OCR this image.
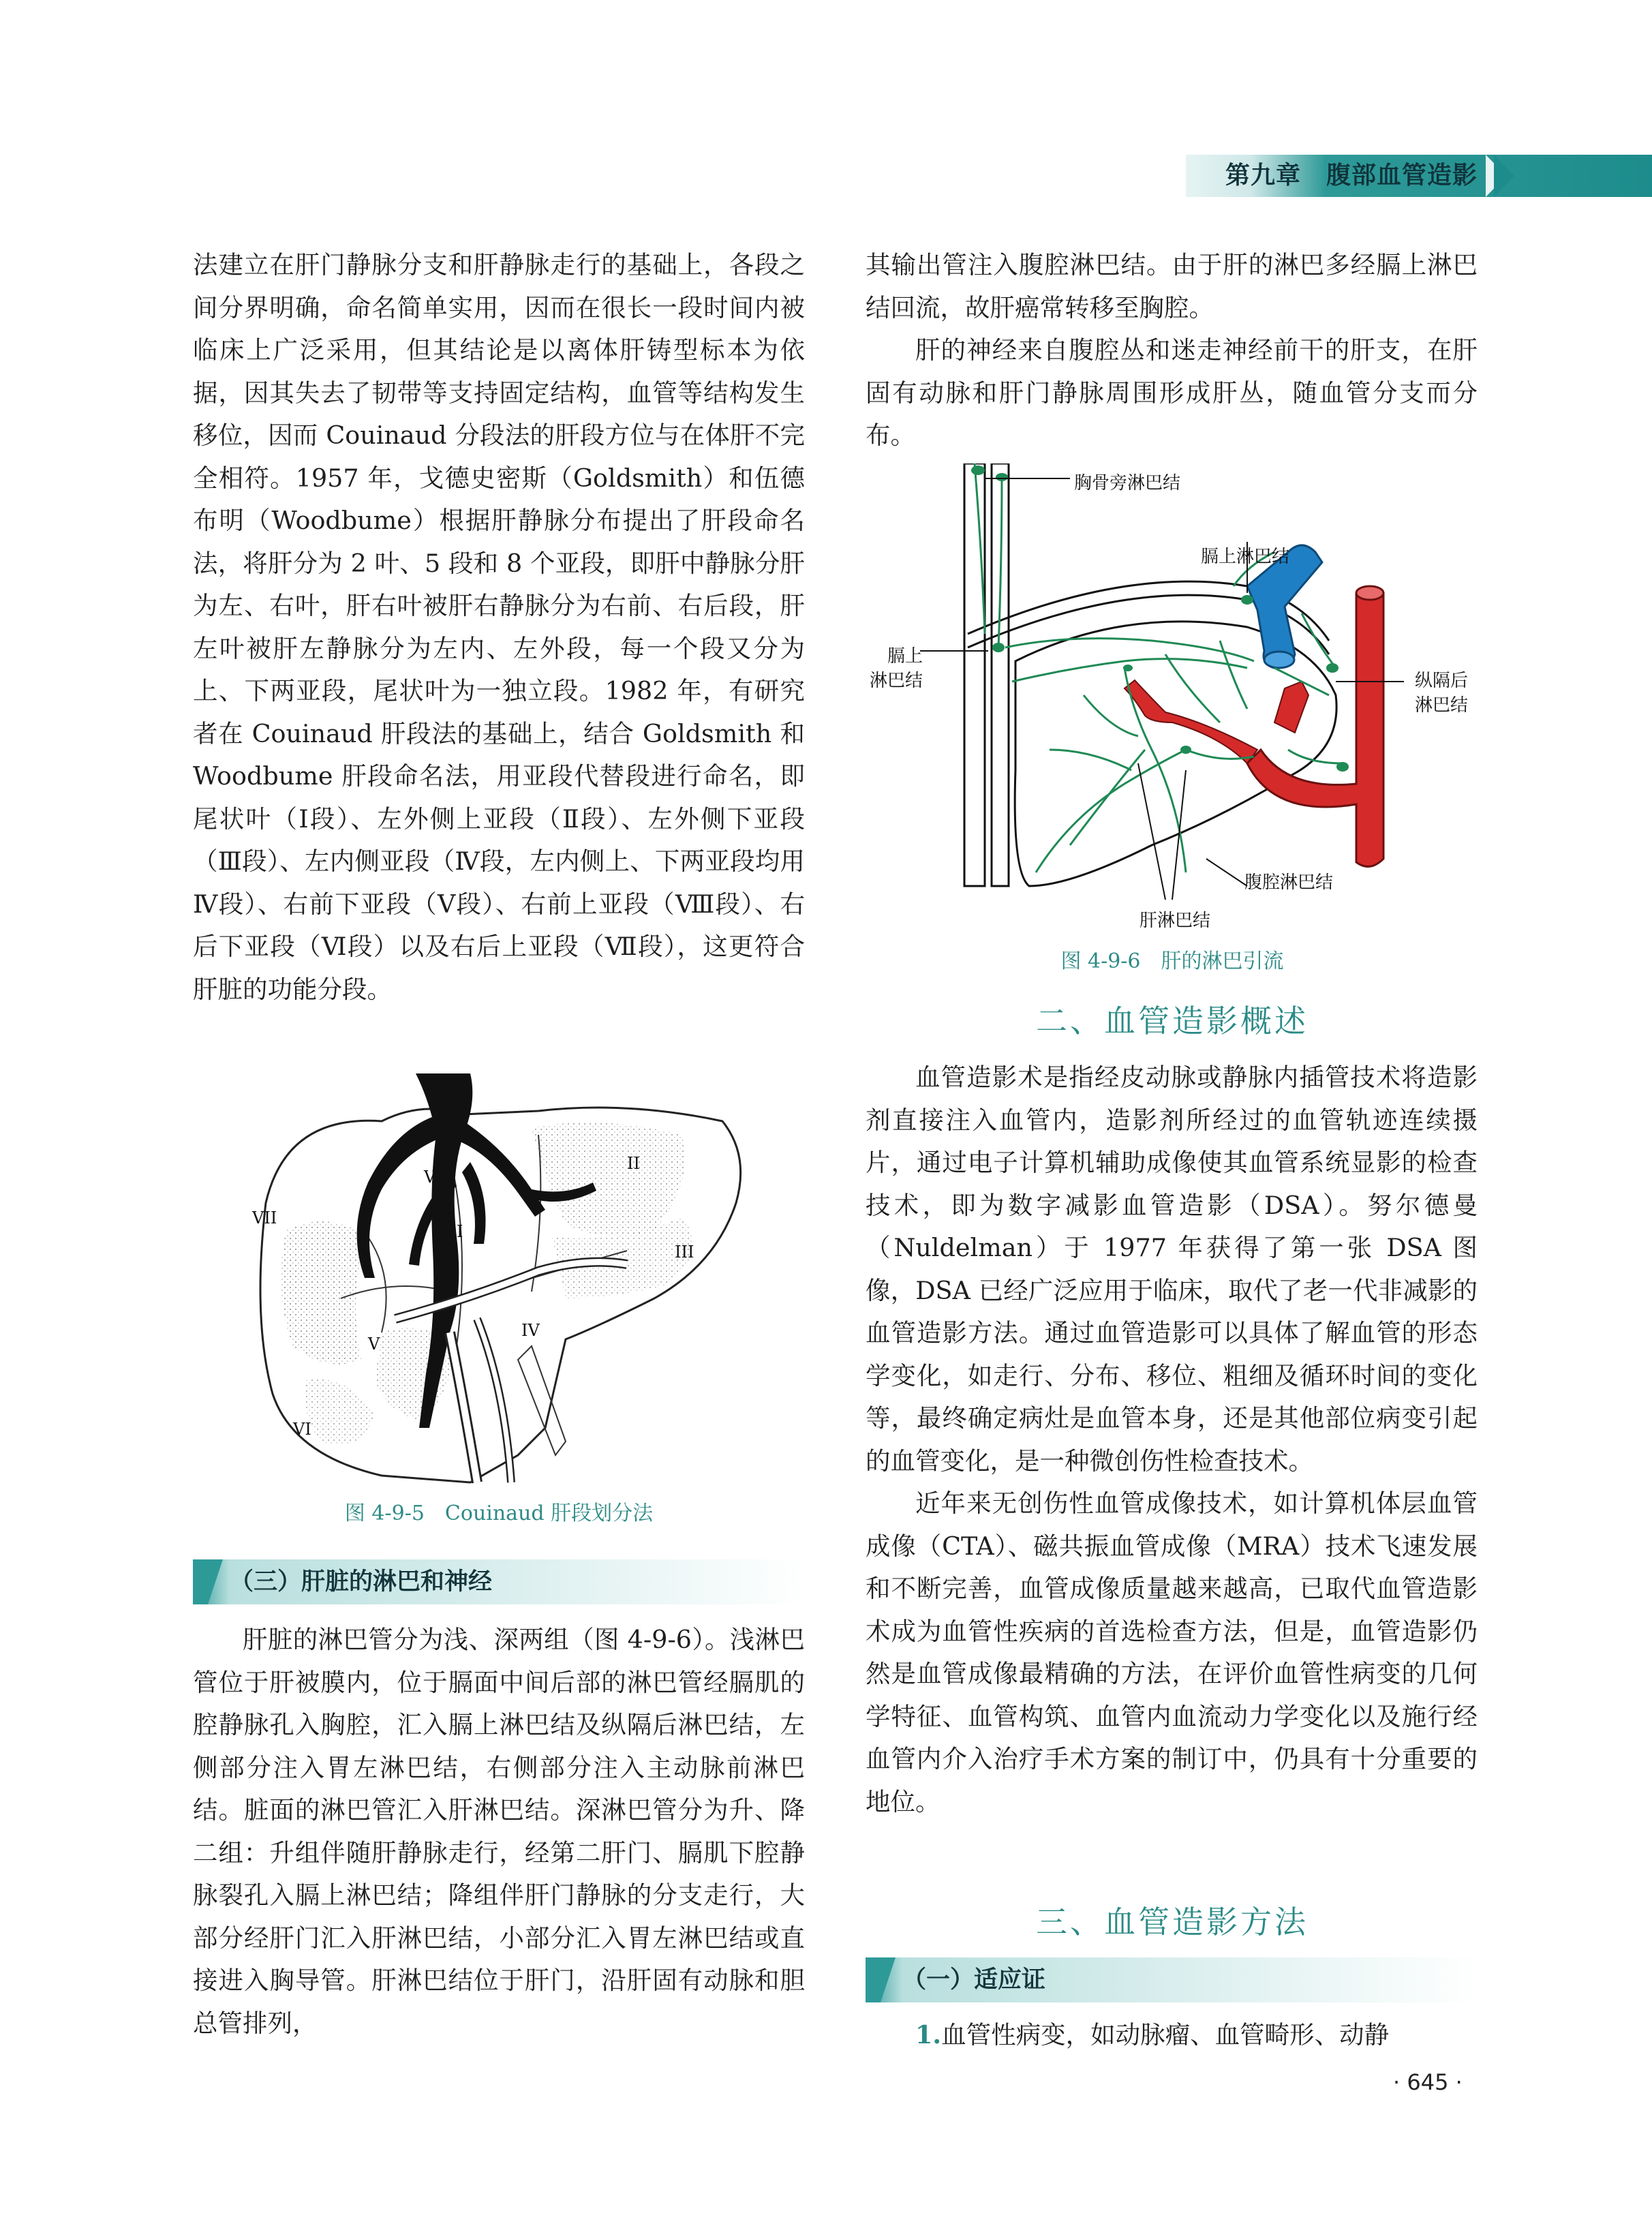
第九章　腹部血管造影

法建立在肝门静脉分支和肝静脉走行的基础上，各段之间分界明确，命名简单实用，因而在很长一段时间内被临床上广泛采用，但其结论是以离体肝铸型标本为依据，因其失去了韧带等支持固定结构，血管等结构发生移位，因而 Couinaud 分段法的肝段方位与在体肝不完全相符。1957 年，戈德史密斯（Goldsmith）和伍德布明（Woodbume）根据肝静脉分布提出了肝段命名法，将肝分为 2 叶、5 段和 8 个亚段，即肝中静脉分肝为左、右叶，肝右叶被肝右静脉分为右前、右后段，肝左叶被肝左静脉分为左内、左外段，每一个段又分为上、下两亚段，尾状叶为一独立段。1982 年，有研究者在 Couinaud 肝段法的基础上，结合 Goldsmith 和 Woodbume 肝段命名法，用亚段代替段进行命名，即尾状叶（Ⅰ段）、左外侧上亚段（Ⅱ段）、左外侧下亚段（Ⅲ段）、左内侧亚段（Ⅳ段，左内侧上、下两亚段均用Ⅳ段）、右前下亚段（Ⅴ段）、右前上亚段（Ⅷ段）、右后下亚段（Ⅵ段）以及右后上亚段（Ⅶ段），这更符合肝脏的功能分段。

VIII
II
VII
I
III
IV
V
VI
图 4-9-5　Couinaud 肝段划分法
（三）肝脏的淋巴和神经

肝脏的淋巴管分为浅、深两组（图 4-9-6）。浅淋巴管位于肝被膜内，位于膈面中间后部的淋巴管经膈肌的腔静脉孔入胸腔，汇入膈上淋巴结及纵隔后淋巴结，左侧部分注入胃左淋巴结，右侧部分注入主动脉前淋巴结。脏面的淋巴管汇入肝淋巴结。深淋巴管分为升、降二组：升组伴随肝静脉走行，经第二肝门、膈肌下腔静脉裂孔入膈上淋巴结；降组伴肝门静脉的分支走行，大部分经肝门汇入肝淋巴结，小部分汇入胃左淋巴结或直接进入胸导管。肝淋巴结位于肝门，沿肝固有动脉和胆总管排列，

其输出管注入腹腔淋巴结。由于肝的淋巴多经膈上淋巴结回流，故肝癌常转移至胸腔。

肝的神经来自腹腔丛和迷走神经前干的肝支，在肝固有动脉和肝门静脉周围形成肝丛，随血管分支而分布。

胸骨旁淋巴结
膈上淋巴结
膈上
淋巴结	纵隔后
淋巴结
腹腔淋巴结
肝淋巴结
图 4-9-6　肝的淋巴引流
二、血管造影概述

血管造影术是指经皮动脉或静脉内插管技术将造影剂直接注入血管内，造影剂所经过的血管轨迹连续摄片，通过电子计算机辅助成像使其血管系统显影的检查技术，即为数字减影血管造影（DSA）。努尔德曼（Nuldelman）于 1977 年获得了第一张 DSA 图像，DSA 已经广泛应用于临床，取代了老一代非减影的血管造影方法。通过血管造影可以具体了解血管的形态学变化，如走行、分布、移位、粗细及循环时间的变化等，最终确定病灶是血管本身，还是其他部位病变引起的血管变化，是一种微创伤性检查技术。

近年来无创伤性血管成像技术，如计算机体层血管成像（CTA）、磁共振血管成像（MRA）技术飞速发展和不断完善，血管成像质量越来越高，已取代血管造影术成为血管性疾病的首选检查方法，但是，血管造影仍然是血管成像最精确的方法，在评价血管性病变的几何学特征、血管构筑、血管内血流动力学变化以及施行经血管内介入治疗手术方案的制订中，仍具有十分重要的地位。

三、血管造影方法
（一）适应证

1.血管性病变，如动脉瘤、血管畸形、动静

· 645 ·
